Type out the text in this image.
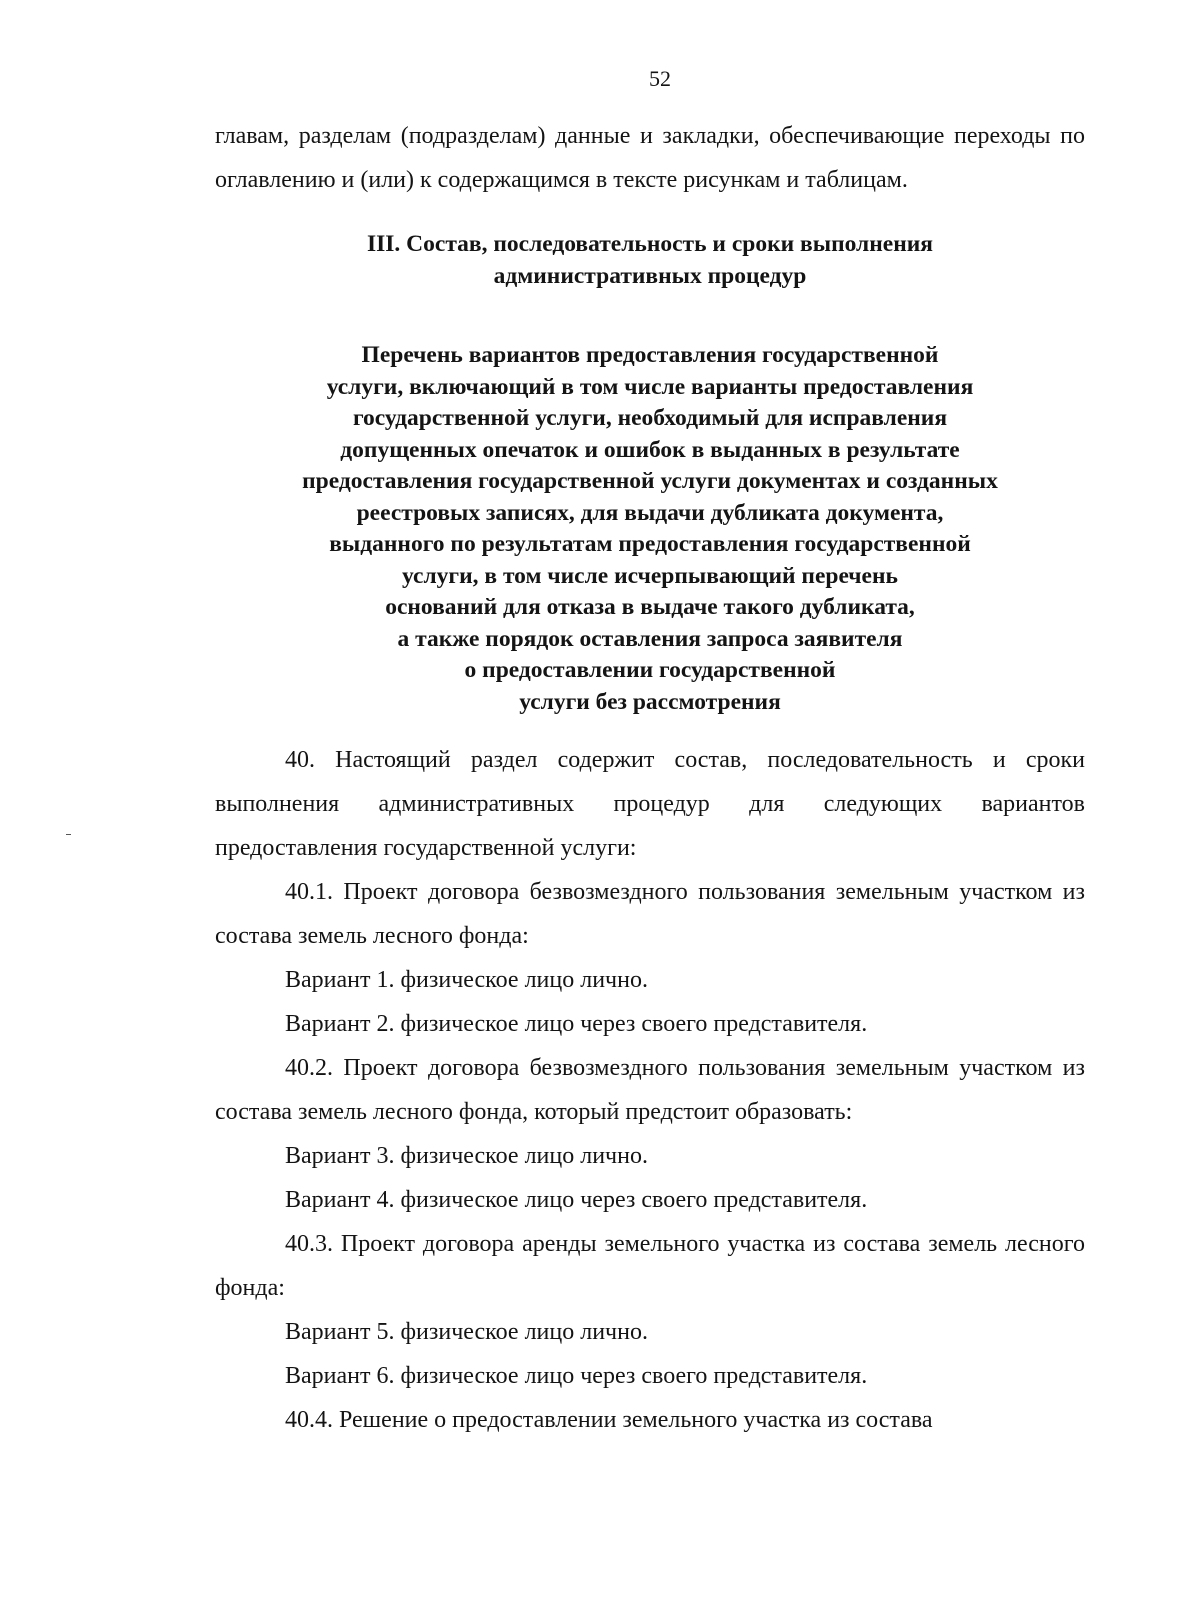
52

главам, разделам (подразделам) данные и закладки, обеспечивающие переходы по оглавлению и (или) к содержащимся в тексте рисункам и таблицам.

III. Состав, последовательность и сроки выполнения
административных процедур
Перечень вариантов предоставления государственной
услуги, включающий в том числе варианты предоставления
государственной услуги, необходимый для исправления
допущенных опечаток и ошибок в выданных в результате
предоставления государственной услуги документах и созданных
реестровых записях, для выдачи дубликата документа,
выданного по результатам предоставления государственной
услуги, в том числе исчерпывающий перечень
оснований для отказа в выдаче такого дубликата,
а также порядок оставления запроса заявителя
о предоставлении государственной
услуги без рассмотрения

40. Настоящий раздел содержит состав, последовательность и сроки выполнения административных процедур для следующих вариантов предоставления государственной услуги:

40.1. Проект договора безвозмездного пользования земельным участком из состава земель лесного фонда:

Вариант 1. физическое лицо лично.

Вариант 2. физическое лицо через своего представителя.

40.2. Проект договора безвозмездного пользования земельным участком из состава земель лесного фонда, который предстоит образовать:

Вариант 3. физическое лицо лично.

Вариант 4. физическое лицо через своего представителя.

40.3. Проект договора аренды земельного участка из состава земель лесного фонда:

Вариант 5. физическое лицо лично.

Вариант 6. физическое лицо через своего представителя.

40.4. Решение о предоставлении земельного участка из состава
